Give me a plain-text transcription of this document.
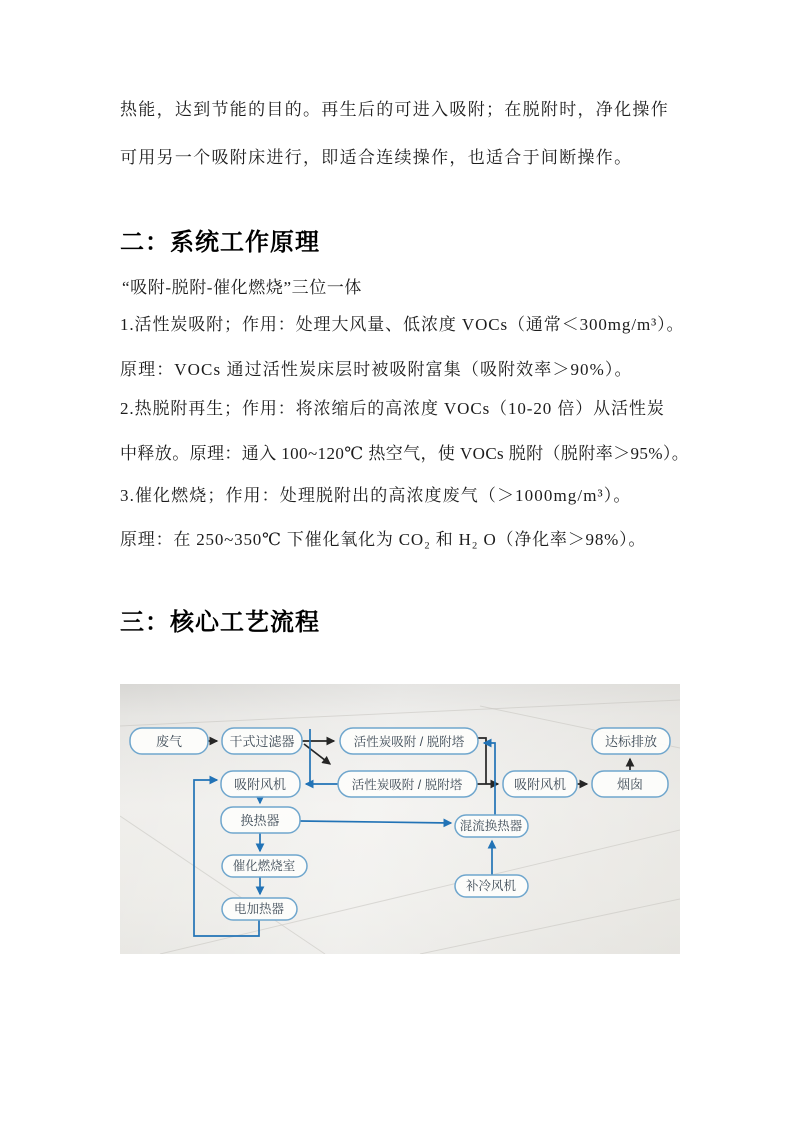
热能，达到节能的目的。再生后的可进入吸附；在脱附时，净化操作
可用另一个吸附床进行，即适合连续操作，也适合于间断操作。
二：系统工作原理
“吸附-脱附-催化燃烧”三位一体
1.活性炭吸附；作用：处理大风量、低浓度 VOCs（通常＜300mg/m³）。
原理：VOCs 通过活性炭床层时被吸附富集（吸附效率＞90%）。
2.热脱附再生；作用：将浓缩后的高浓度 VOCs（10-20 倍）从活性炭
中释放。原理：通入 100~120℃ 热空气，使 VOCs 脱附（脱附率＞95%）。
3.催化燃烧；作用：处理脱附出的高浓度废气（＞1000mg/m³）。
原理：在 250~350℃ 下催化氧化为 CO₂ 和 H₂ O（净化率＞98%）。
三：核心工艺流程
废气	干式过滤器	活性炭吸附 / 脱附塔	达标排放
吸附风机	活性炭吸附 / 脱附塔	吸附风机	烟囱
换热器	混流换热器
催化燃烧室
补冷风机
电加热器
